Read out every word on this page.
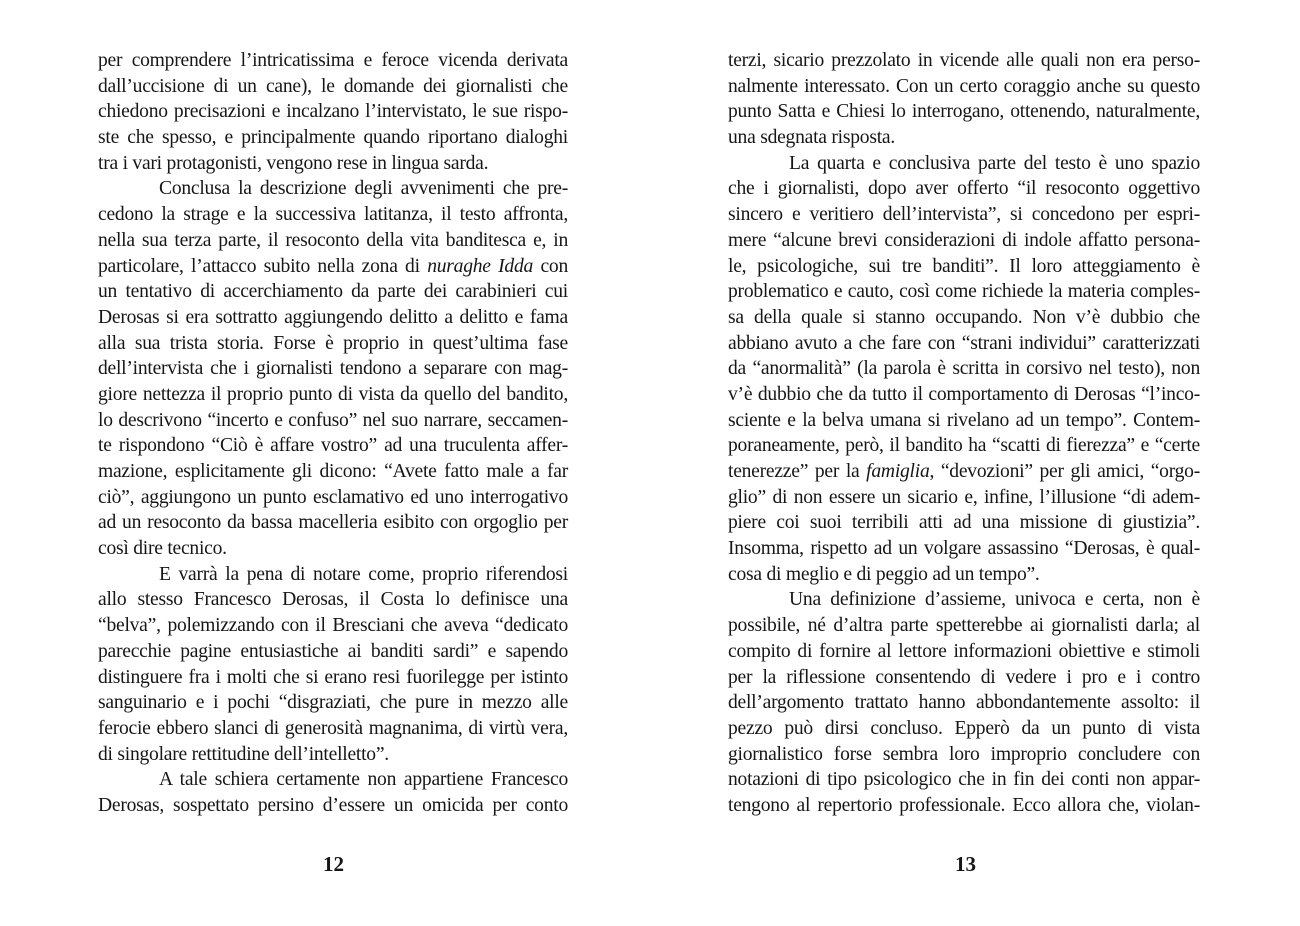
per comprendere l’intricatissima e feroce vicenda derivata
dall’uccisione di un cane), le domande dei giornalisti che
chiedono precisazioni e incalzano l’intervistato, le sue rispo-
ste che spesso, e principalmente quando riportano dialoghi
tra i vari protagonisti, vengono rese in lingua sarda.
Conclusa la descrizione degli avvenimenti che pre-
cedono la strage e la successiva latitanza, il testo affronta,
nella sua terza parte, il resoconto della vita banditesca e, in
particolare, l’attacco subito nella zona di nuraghe Idda con
un tentativo di accerchiamento da parte dei carabinieri cui
Derosas si era sottratto aggiungendo delitto a delitto e fama
alla sua trista storia. Forse è proprio in quest’ultima fase
dell’intervista che i giornalisti tendono a separare con mag-
giore nettezza il proprio punto di vista da quello del bandito,
lo descrivono “incerto e confuso” nel suo narrare, seccamen-
te rispondono “Ciò è affare vostro” ad una truculenta affer-
mazione, esplicitamente gli dicono: “Avete fatto male a far
ciò”, aggiungono un punto esclamativo ed uno interrogativo
ad un resoconto da bassa macelleria esibito con orgoglio per
così dire tecnico.
E varrà la pena di notare come, proprio riferendosi
allo stesso Francesco Derosas, il Costa lo definisce una
“belva”, polemizzando con il Bresciani che aveva “dedicato
parecchie pagine entusiastiche ai banditi sardi” e sapendo
distinguere fra i molti che si erano resi fuorilegge per istinto
sanguinario e i pochi “disgraziati, che pure in mezzo alle
ferocie ebbero slanci di generosità magnanima, di virtù vera,
di singolare rettitudine dell’intelletto”.
A tale schiera certamente non appartiene Francesco
Derosas, sospettato persino d’essere un omicida per conto
terzi, sicario prezzolato in vicende alle quali non era perso-
nalmente interessato. Con un certo coraggio anche su questo
punto Satta e Chiesi lo interrogano, ottenendo, naturalmente,
una sdegnata risposta.
La quarta e conclusiva parte del testo è uno spazio
che i giornalisti, dopo aver offerto “il resoconto oggettivo
sincero e veritiero dell’intervista”, si concedono per espri-
mere “alcune brevi considerazioni di indole affatto persona-
le, psicologiche, sui tre banditi”. Il loro atteggiamento è
problematico e cauto, così come richiede la materia comples-
sa della quale si stanno occupando. Non v’è dubbio che
abbiano avuto a che fare con “strani individui” caratterizzati
da “anormalità” (la parola è scritta in corsivo nel testo), non
v’è dubbio che da tutto il comportamento di Derosas “l’inco-
sciente e la belva umana si rivelano ad un tempo”. Contem-
poraneamente, però, il bandito ha “scatti di fierezza” e “certe
tenerezze” per la famiglia, “devozioni” per gli amici, “orgo-
glio” di non essere un sicario e, infine, l’illusione “di adem-
piere coi suoi terribili atti ad una missione di giustizia”.
Insomma, rispetto ad un volgare assassino “Derosas, è qual-
cosa di meglio e di peggio ad un tempo”.
Una definizione d’assieme, univoca e certa, non è
possibile, né d’altra parte spetterebbe ai giornalisti darla; al
compito di fornire al lettore informazioni obiettive e stimoli
per la riflessione consentendo di vedere i pro e i contro
dell’argomento trattato hanno abbondantemente assolto: il
pezzo può dirsi concluso. Epperò da un punto di vista
giornalistico forse sembra loro improprio concludere con
notazioni di tipo psicologico che in fin dei conti non appar-
tengono al repertorio professionale. Ecco allora che, violan-
12	13
